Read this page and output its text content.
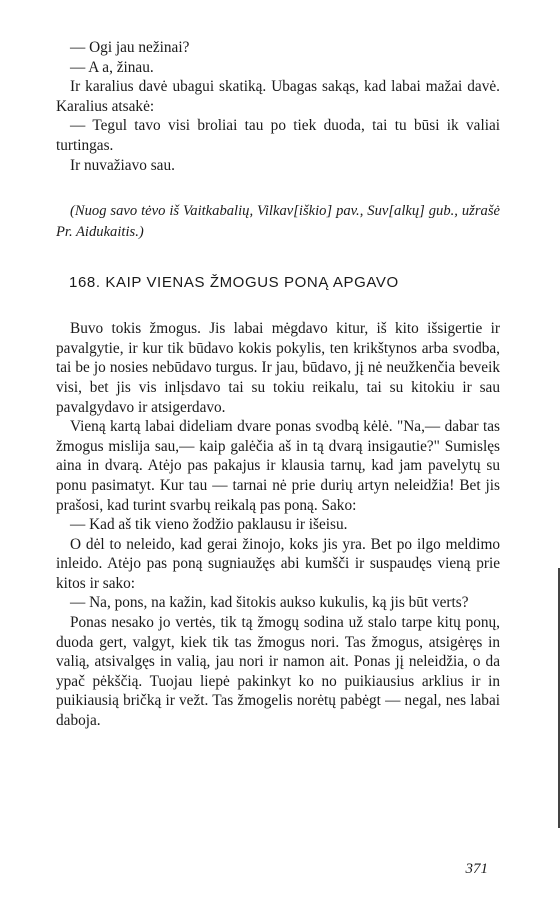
— Ogi jau nežinai?

— A a, žinau.

Ir karalius davė ubagui skatiką. Ubagas sakąs, kad labai mažai davė. Karalius atsakė:

— Tegul tavo visi broliai tau po tiek duoda, tai tu būsi ik valiai turtingas.

Ir nuvažiavo sau.

(Nuog savo tėvo iš Vaitkabalių, Vilkav[iškio] pav., Suv[alkų] gub., užrašė Pr. Aidukaitis.)

168. KAIP VIENAS ŽMOGUS PONĄ APGAVO

Buvo tokis žmogus. Jis labai mėgdavo kitur, iš kito išsigertie ir pavalgytie, ir kur tik būdavo kokis pokylis, ten krikštynos arba svodba, tai be jo nosies nebūdavo turgus. Ir jau, būdavo, jį nė neužkenčia beveik visi, bet jis vis inlįsdavo tai su tokiu reikalu, tai su kitokiu ir sau pavalgydavo ir atsigerdavo.

Vieną kartą labai dideliam dvare ponas svodbą kėlė. "Na,— dabar tas žmogus mislija sau,— kaip galėčia aš in tą dvarą insigautie?" Sumislęs aina in dvarą. Atėjo pas pakajus ir klausia tarnų, kad jam pavelytų su ponu pasimatyt. Kur tau — tarnai nė prie durių artyn neleidžia! Bet jis prašosi, kad turint svarbų reikalą pas poną. Sako:

— Kad aš tik vieno žodžio paklausu ir išeisu.

O dėl to neleido, kad gerai žinojo, koks jis yra. Bet po ilgo meldimo inleido. Atėjo pas poną sugniaužęs abi kumšči ir suspaudęs vieną prie kitos ir sako:

— Na, pons, na kažin, kad šitokis aukso kukulis, ką jis būt verts?

Ponas nesako jo vertės, tik tą žmogų sodina už stalo tarpe kitų ponų, duoda gert, valgyt, kiek tik tas žmogus nori. Tas žmogus, atsigėręs in valią, atsivalgęs in valią, jau nori ir namon ait. Ponas jį neleidžia, o da ypač pėkščią. Tuojau liepė pakinkyt ko no puikiausius arklius ir in puikiausią bričką ir vežt. Tas žmogelis norėtų pabėgt — negal, nes labai daboja.

371
